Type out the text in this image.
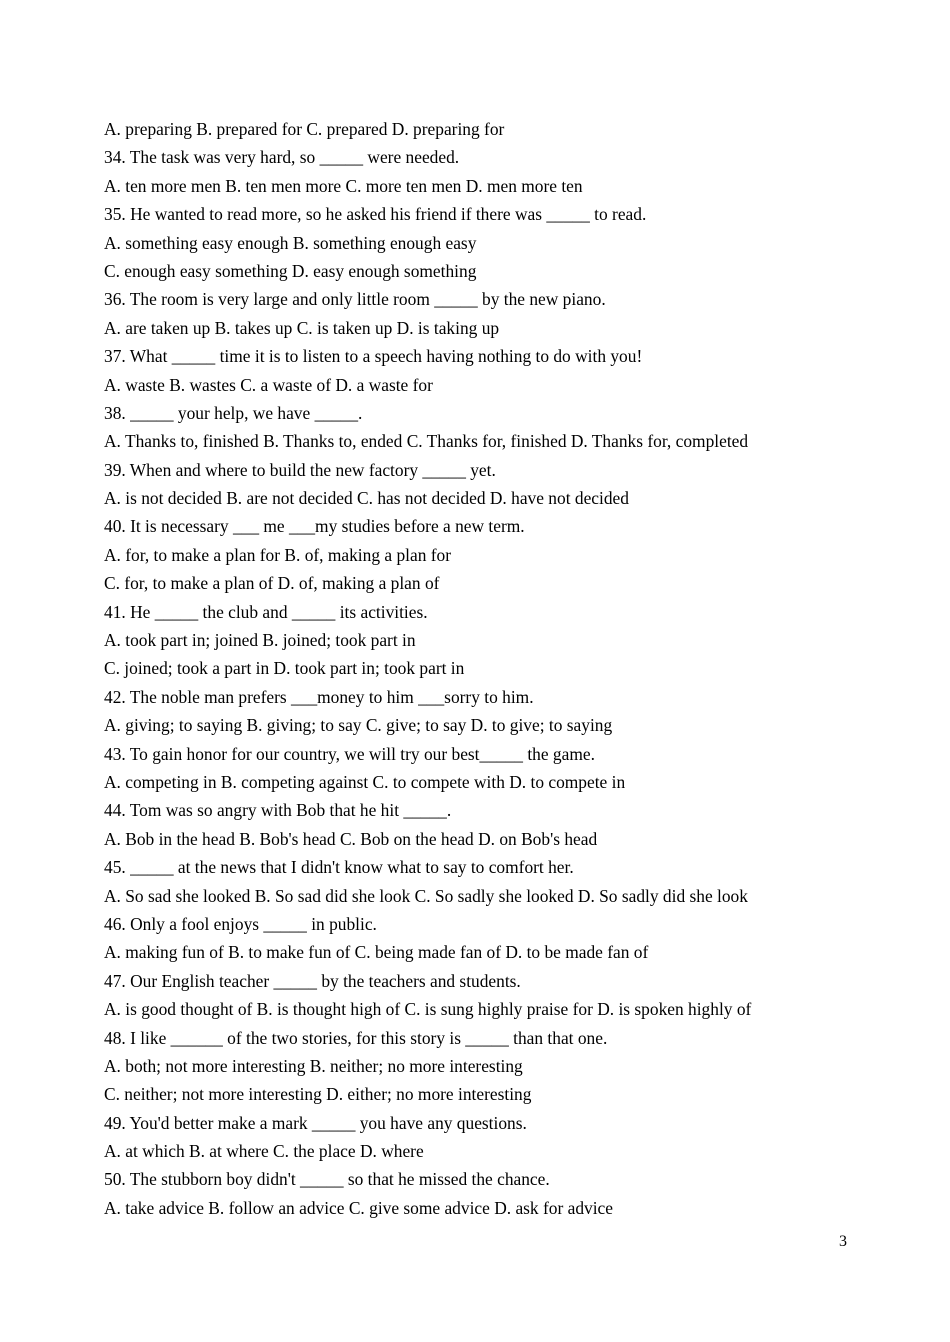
A. preparing B. prepared for C. prepared D. preparing for

34. The task was very hard, so _____ were needed.

A. ten more men B. ten men more C. more ten men D. men more ten

35. He wanted to read more, so he asked his friend if there was _____ to read.

A. something easy enough B. something enough easy

C. enough easy something D. easy enough something

36. The room is very large and only little room _____ by the new piano.

A. are taken up B. takes up C. is taken up D. is taking up

37. What _____ time it is to listen to a speech having nothing to do with you!

A. waste B. wastes C. a waste of D. a waste for

38. _____ your help, we have _____.

A. Thanks to, finished B. Thanks to, ended C. Thanks for, finished D. Thanks for, completed

39. When and where to build the new factory _____ yet.

A. is not decided B. are not decided C. has not decided D. have not decided

40. It is necessary ___ me ___my studies before a new term.

A. for, to make a plan for B. of, making a plan for

C. for, to make a plan of D. of, making a plan of

41. He _____ the club and _____ its activities.

A. took part in; joined B. joined; took part in

C. joined; took a part in D. took part in; took part in

42. The noble man prefers ___money to him ___sorry to him.

A. giving; to saying B. giving; to say C. give; to say D. to give; to saying

43. To gain honor for our country, we will try our best_____ the game.

A. competing in B. competing against C. to compete with D. to compete in

44. Tom was so angry with Bob that he hit _____.

A. Bob in the head B. Bob's head C. Bob on the head D. on Bob's head

45. _____ at the news that I didn't know what to say to comfort her.

A. So sad she looked B. So sad did she look C. So sadly she looked D. So sadly did she look

46. Only a fool enjoys _____ in public.

A. making fun of B. to make fun of C. being made fan of D. to be made fan of

47. Our English teacher _____ by the teachers and students.

A. is good thought of B. is thought high of C. is sung highly praise for D. is spoken highly of

48. I like ______ of the two stories, for this story is _____ than that one.

A. both; not more interesting B. neither; no more interesting

C. neither; not more interesting D. either; no more interesting

49. You'd better make a mark _____ you have any questions.

A. at which B. at where C. the place D. where

50. The stubborn boy didn't _____ so that he missed the chance.

A. take advice B. follow an advice C. give some advice D. ask for advice

3
